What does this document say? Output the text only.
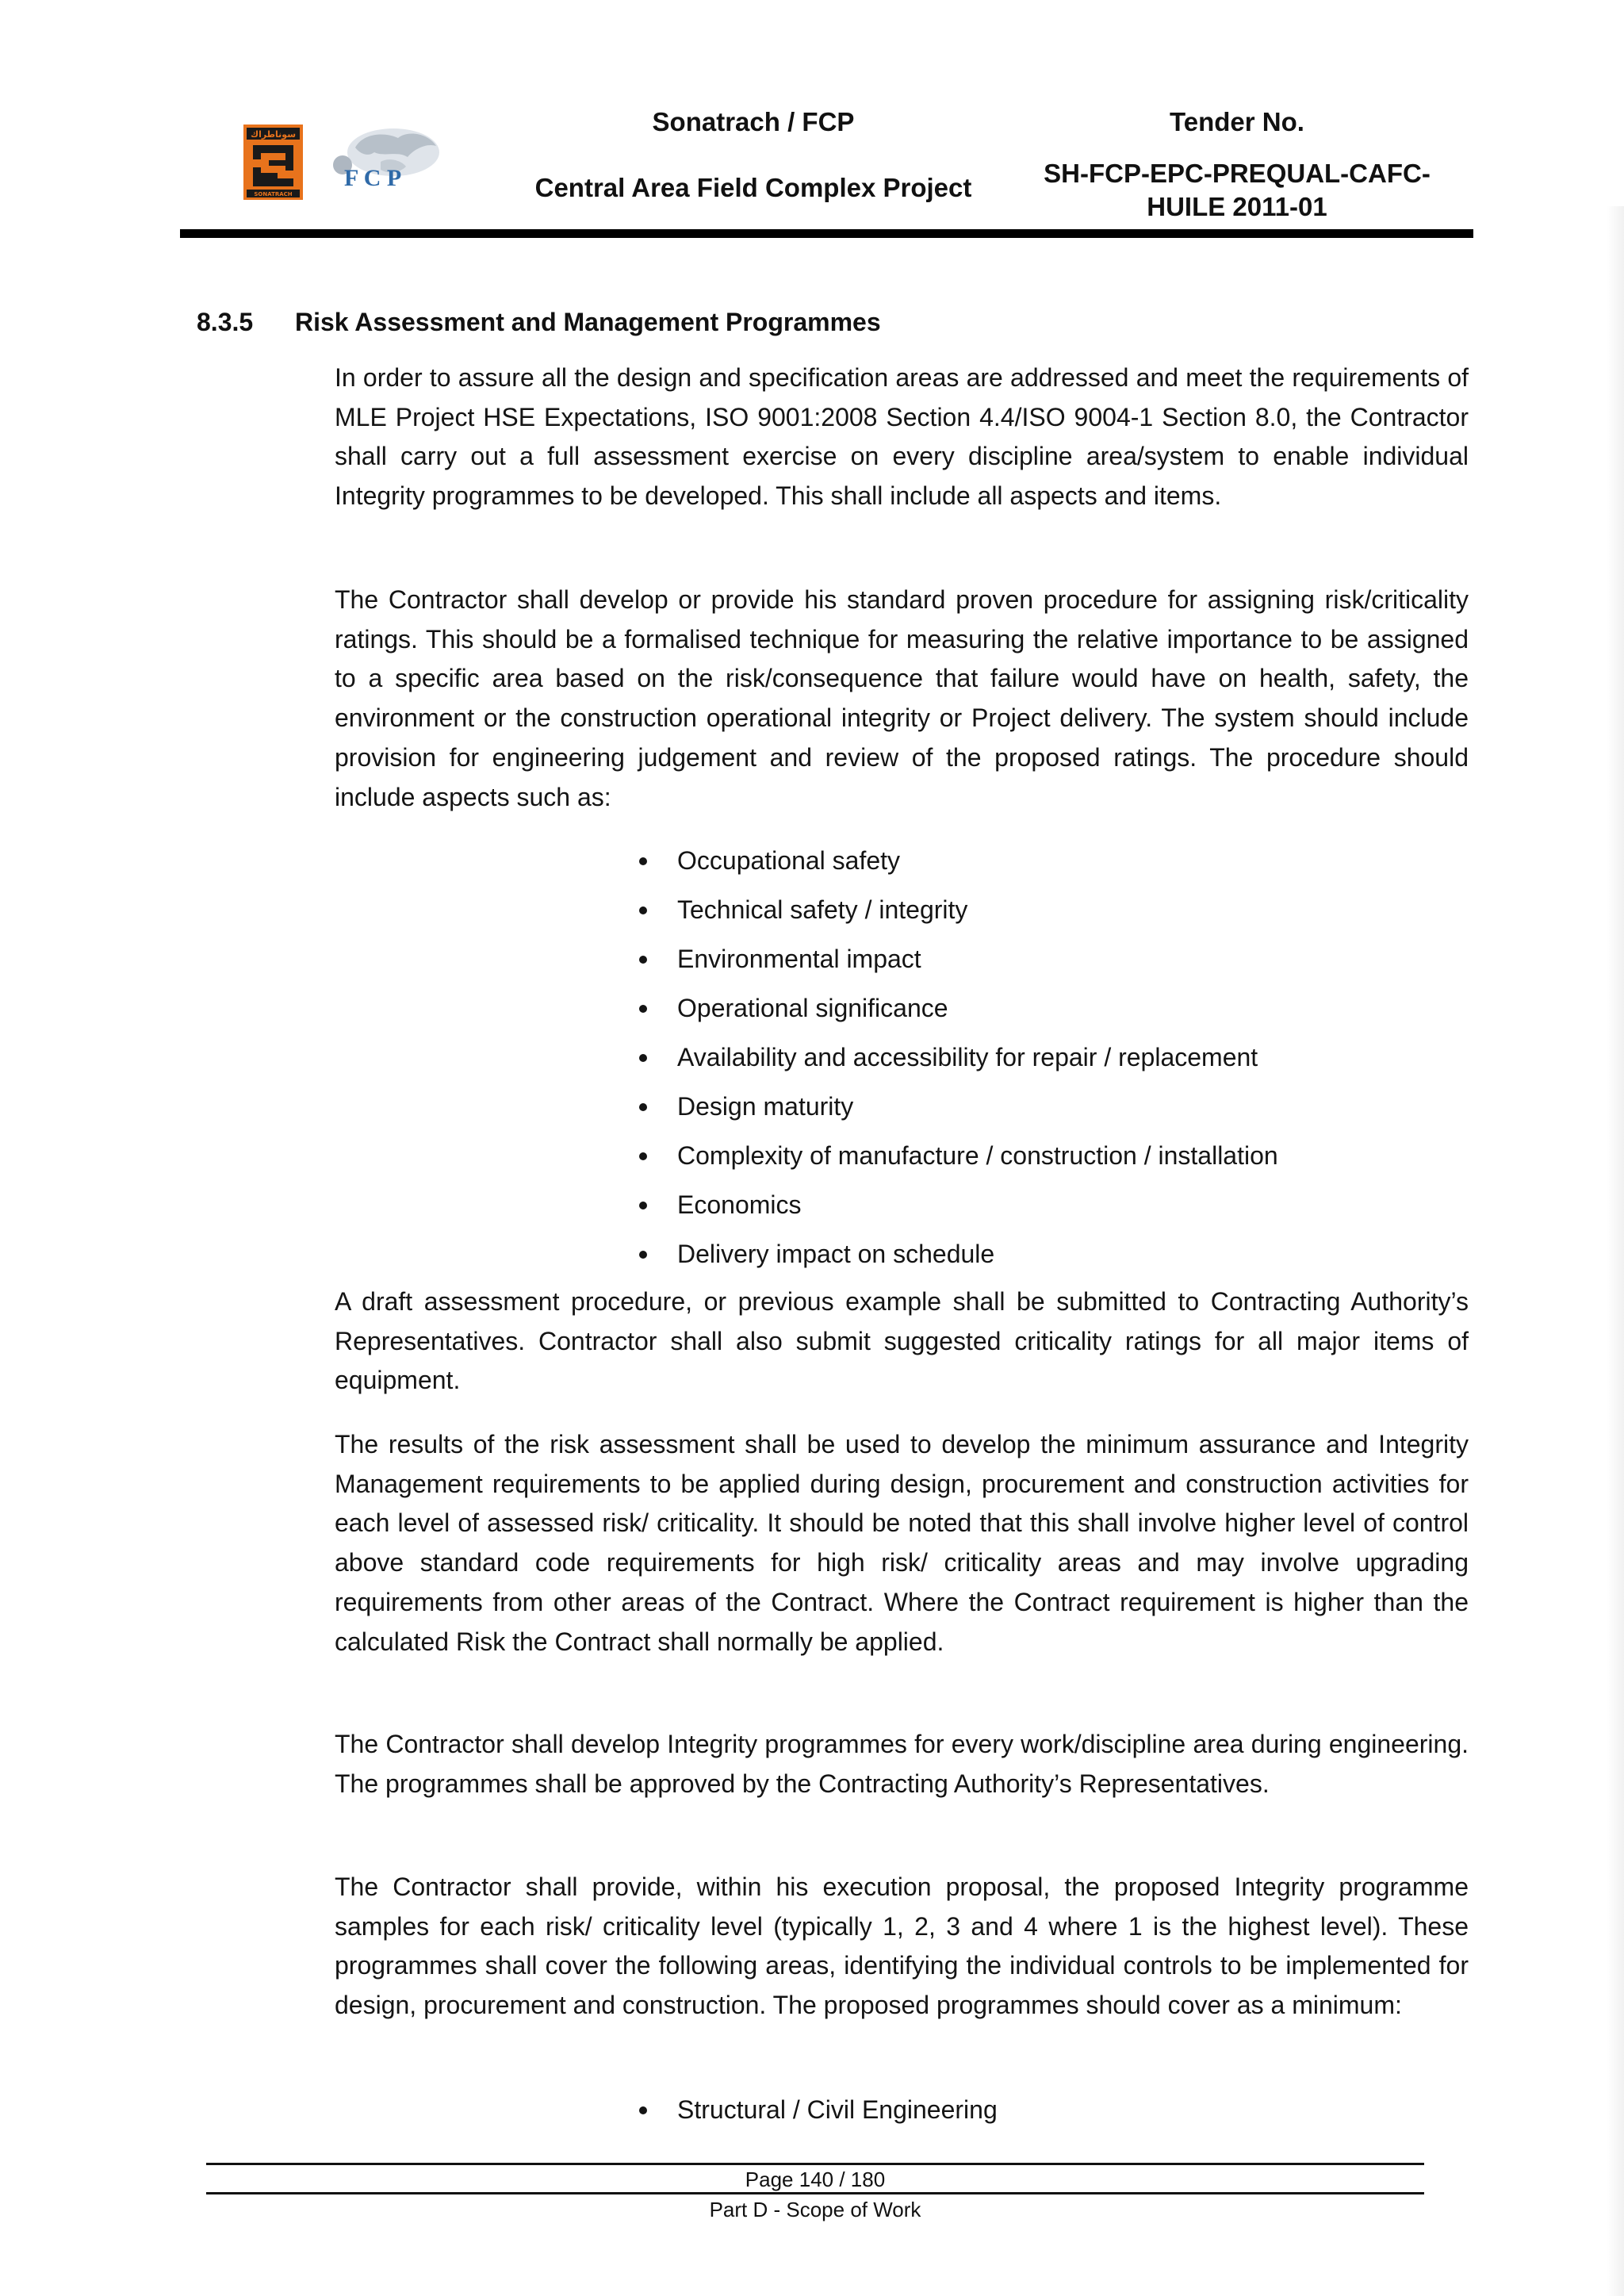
سوناطراك
SONATRACH
F C P
Sonatrach / FCP
Central Area Field Complex Project
Tender No.
SH-FCP-EPC-PREQUAL-CAFC- HUILE 2011-01
8.3.5 Risk Assessment and Management Programmes

In order to assure all the design and specification areas are addressed and meet the requirements of MLE Project HSE Expectations, ISO 9001:2008 Section 4.4/ISO 9004-1 Section 8.0, the Contractor shall carry out a full assessment exercise on every discipline area/system to enable individual Integrity programmes to be developed. This shall include all aspects and items.

The Contractor shall develop or provide his standard proven procedure for assigning risk/criticality ratings. This should be a formalised technique for measuring the relative importance to be assigned to a specific area based on the risk/consequence that failure would have on health, safety, the environment or the construction operational integrity or Project delivery. The system should include provision for engineering judgement and review of the proposed ratings. The procedure should include aspects such as:

Occupational safety
Technical safety / integrity
Environmental impact
Operational significance
Availability and accessibility for repair / replacement
Design maturity
Complexity of manufacture / construction / installation
Economics
Delivery impact on schedule

A draft assessment procedure, or previous example shall be submitted to Contracting Authority’s Representatives. Contractor shall also submit suggested criticality ratings for all major items of equipment.

The results of the risk assessment shall be used to develop the minimum assurance and Integrity Management requirements to be applied during design, procurement and construction activities for each level of assessed risk/ criticality. It should be noted that this shall involve higher level of control above standard code requirements for high risk/ criticality areas and may involve upgrading requirements from other areas of the Contract. Where the Contract requirement is higher than the calculated Risk the Contract shall normally be applied.

The Contractor shall develop Integrity programmes for every work/discipline area during engineering. The programmes shall be approved by the Contracting Authority’s Representatives.

The Contractor shall provide, within his execution proposal, the proposed Integrity programme samples for each risk/ criticality level (typically 1, 2, 3 and 4 where 1 is the highest level). These programmes shall cover the following areas, identifying the individual controls to be implemented for design, procurement and construction. The proposed programmes should cover as a minimum:

Structural / Civil Engineering
Page 140 / 180
Part D - Scope of Work
